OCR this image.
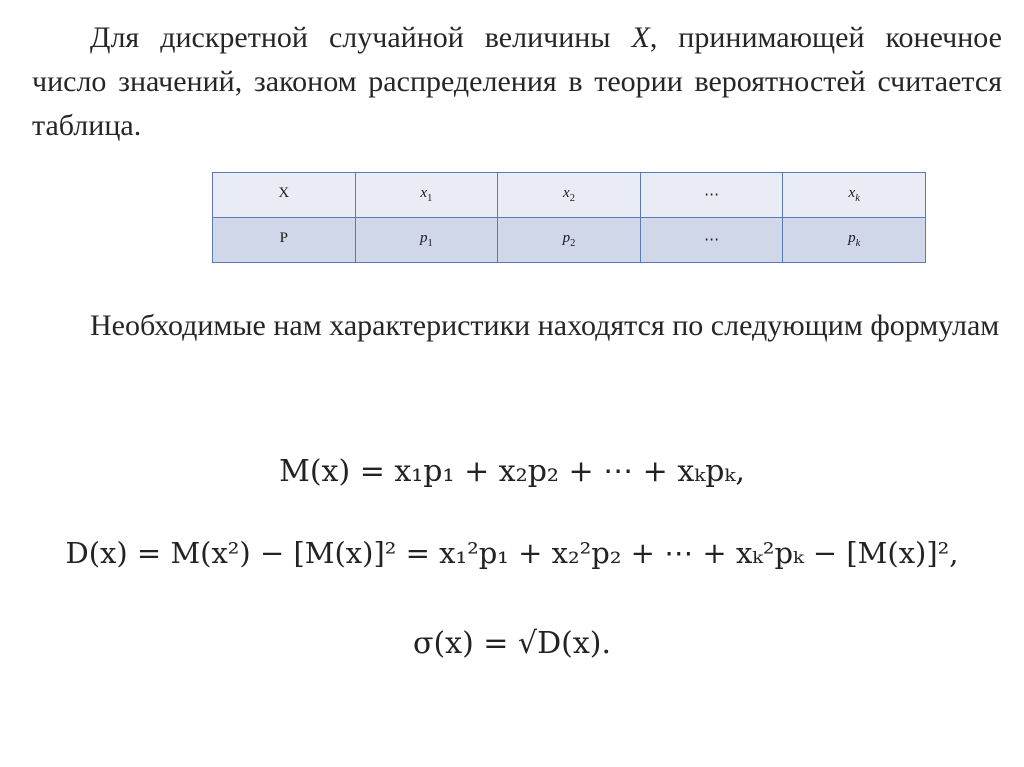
Для дискретной случайной величины X, принимающей конечное число значений, законом распределения в теории вероятностей считается таблица.
X	$x_1$	$x_2$	⋯	$x_k$
P	$p_1$	$p_2$	⋯	$p_k$
Необходимые нам характеристики находятся по следующим формулам
M(x) = x₁p₁ + x₂p₂ + ⋯ + xₖpₖ,
D(x) = M(x²) − [M(x)]² = x₁²p₁ + x₂²p₂ + ⋯ + xₖ²pₖ − [M(x)]²,
σ(x) = √D(x).
